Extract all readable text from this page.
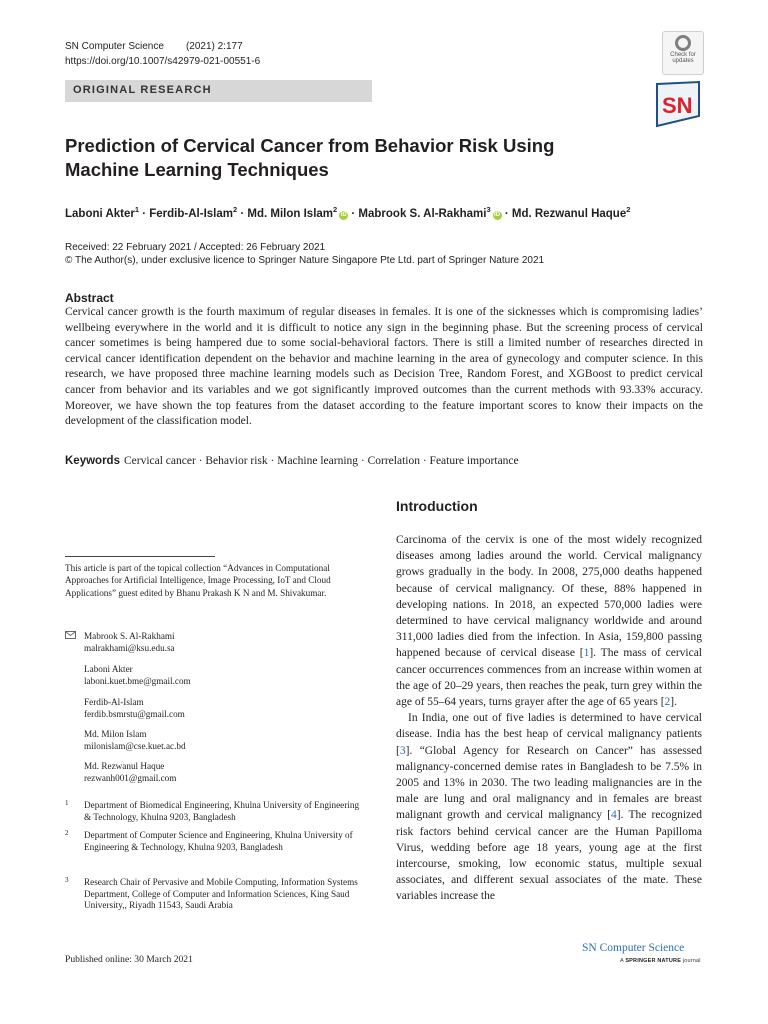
SN Computer Science (2021) 2:177
https://doi.org/10.1007/s42979-021-00551-6
ORIGINAL RESEARCH
Check for
updates
SN
Prediction of Cervical Cancer from Behavior Risk Using Machine Learning Techniques
Laboni Akter$^1$ · Ferdib-Al-Islam$^2$ · Md. Milon Islam$^2$iD · Mabrook S. Al-Rakhami$^3$iD · Md. Rezwanul Haque$^2$
Received: 22 February 2021 / Accepted: 26 February 2021
© The Author(s), under exclusive licence to Springer Nature Singapore Pte Ltd. part of Springer Nature 2021
Abstract
Cervical cancer growth is the fourth maximum of regular diseases in females. It is one of the sicknesses which is compromising ladies’ wellbeing everywhere in the world and it is difficult to notice any sign in the beginning phase. But the screening process of cervical cancer sometimes is being hampered due to some social-behavioral factors. There is still a limited number of researches directed in cervical cancer identification dependent on the behavior and machine learning in the area of gynecology and computer science. In this research, we have proposed three machine learning models such as Decision Tree, Random Forest, and XGBoost to predict cervical cancer from behavior and its variables and we got significantly improved outcomes than the current methods with 93.33% accuracy. Moreover, we have shown the top features from the dataset according to the feature important scores to know their impacts on the development of the classification model.
Keywords Cervical cancer · Behavior risk · Machine learning · Correlation · Feature importance
Introduction

Carcinoma of the cervix is one of the most widely recognized diseases among ladies around the world. Cervical malignancy grows gradually in the body. In 2008, 275,000 deaths happened because of cervical malignancy. Of these, 88% happened in developing nations. In 2018, an expected 570,000 ladies were determined to have cervical malignancy worldwide and around 311,000 ladies died from the infection. In Asia, 159,800 passing happened because of cervical disease [1]. The mass of cervical cancer occurrences commences from an increase within women at the age of 20–29 years, then reaches the peak, turn grey within the age of 55–64 years, turns grayer after the age of 65 years [2].

In India, one out of five ladies is determined to have cervical disease. India has the best heap of cervical malignancy patients [3]. “Global Agency for Research on Cancer” has assessed malignancy-concerned demise rates in Bangladesh to be 7.5% in 2005 and 13% in 2030. The two leading malignancies are in the male are lung and oral malignancy and in females are breast malignant growth and cervical malignancy [4]. The recognized risk factors behind cervical cancer are the Human Papilloma Virus, wedding before age 18 years, young age at the first intercourse, smoking, low economic status, multiple sexual associates, and different sexual associates of the mate. These variables increase the

This article is part of the topical collection “Advances in Computational Approaches for Artificial Intelligence, Image Processing, IoT and Cloud Applications” guest edited by Bhanu Prakash K N and M. Shivakumar.
Mabrook S. Al-Rakhami
malrakhami@ksu.edu.sa
Laboni Akter
laboni.kuet.bme@gmail.com
Ferdib-Al-Islam
ferdib.bsmrstu@gmail.com
Md. Milon Islam
milonislam@cse.kuet.ac.bd
Md. Rezwanul Haque
rezwanh001@gmail.com
1	Department of Biomedical Engineering, Khulna University of Engineering & Technology, Khulna 9203, Bangladesh
2	Department of Computer Science and Engineering, Khulna University of Engineering & Technology, Khulna 9203, Bangladesh
3	Research Chair of Pervasive and Mobile Computing, Information Systems Department, College of Computer and Information Sciences, King Saud University,, Riyadh 11543, Saudi Arabia
Published online: 30 March 2021
SN Computer Science
A SPRINGER NATURE journal
